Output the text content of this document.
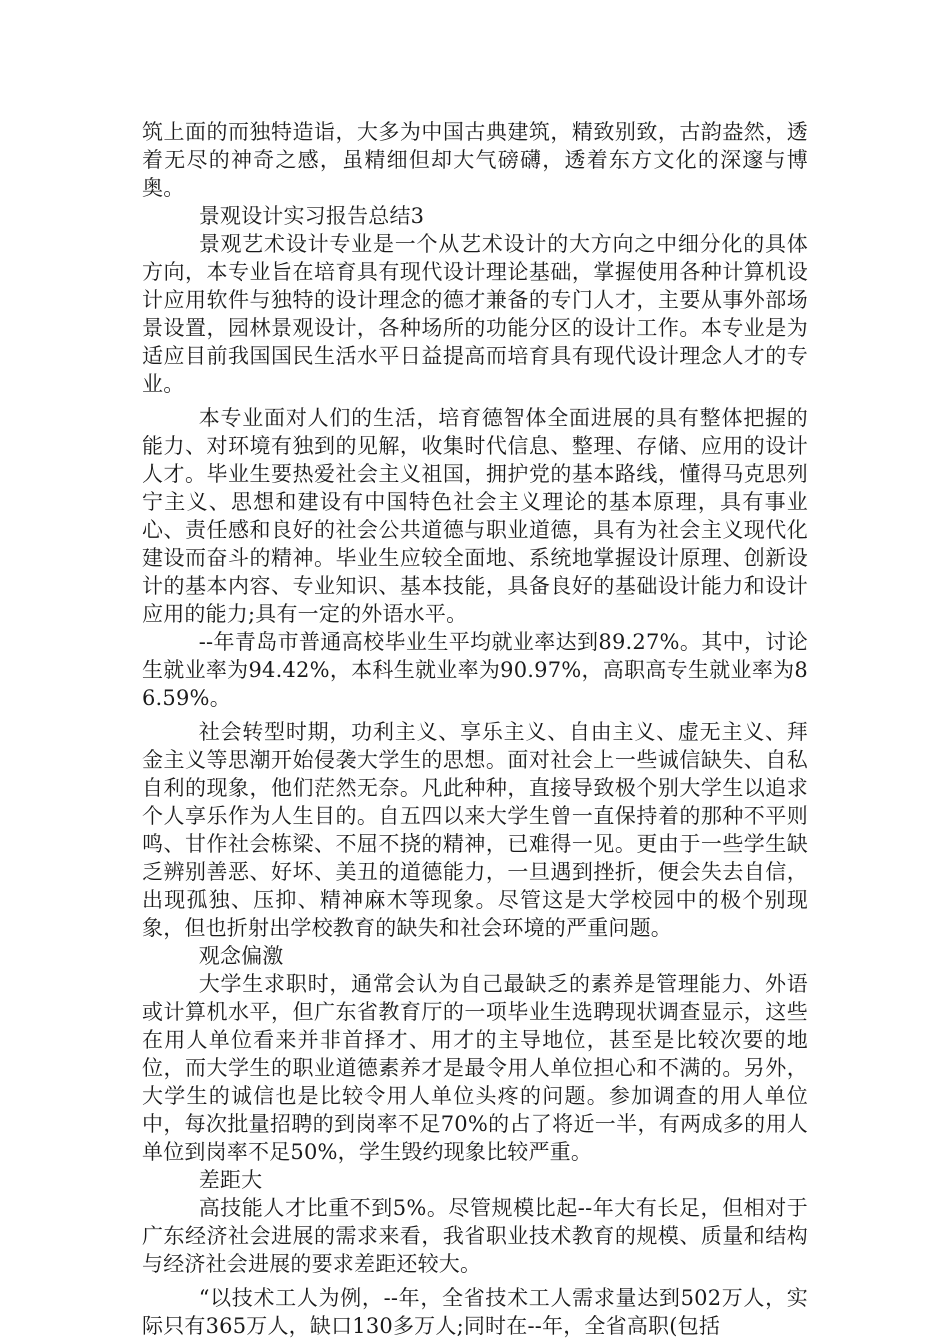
筑上面的而独特造诣，大多为中国古典建筑，精致别致，古韵盎然，透着无尽的神奇之感，虽精细但却大气磅礴，透着东方文化的深邃与博奥。

景观设计实习报告总结3

景观艺术设计专业是一个从艺术设计的大方向之中细分化的具体方向，本专业旨在培育具有现代设计理论基础，掌握使用各种计算机设计应用软件与独特的设计理念的德才兼备的专门人才，主要从事外部场景设置，园林景观设计，各种场所的功能分区的设计工作。本专业是为适应目前我国国民生活水平日益提高而培育具有现代设计理念人才的专业。

本专业面对人们的生活，培育德智体全面进展的具有整体把握的能力、对环境有独到的见解，收集时代信息、整理、存储、应用的设计人才。毕业生要热爱社会主义祖国，拥护党的基本路线，懂得马克思列宁主义、思想和建设有中国特色社会主义理论的基本原理，具有事业心、责任感和良好的社会公共道德与职业道德，具有为社会主义现代化建设而奋斗的精神。毕业生应较全面地、系统地掌握设计原理、创新设计的基本内容、专业知识、基本技能，具备良好的基础设计能力和设计应用的能力;具有一定的外语水平。

--年青岛市普通高校毕业生平均就业率达到89.27%。其中，讨论生就业率为94.42%，本科生就业率为90.97%，高职高专生就业率为86.59%。

社会转型时期，功利主义、享乐主义、自由主义、虚无主义、拜金主义等思潮开始侵袭大学生的思想。面对社会上一些诚信缺失、自私自利的现象，他们茫然无奈。凡此种种，直接导致极个别大学生以追求个人享乐作为人生目的。自五四以来大学生曾一直保持着的那种不平则鸣、甘作社会栋梁、不屈不挠的精神，已难得一见。更由于一些学生缺乏辨别善恶、好坏、美丑的道德能力，一旦遇到挫折，便会失去自信，出现孤独、压抑、精神麻木等现象。尽管这是大学校园中的极个别现象，但也折射出学校教育的缺失和社会环境的严重问题。

观念偏激

大学生求职时，通常会认为自己最缺乏的素养是管理能力、外语或计算机水平，但广东省教育厅的一项毕业生选聘现状调查显示，这些在用人单位看来并非首择才、用才的主导地位，甚至是比较次要的地位，而大学生的职业道德素养才是最令用人单位担心和不满的。另外，大学生的诚信也是比较令用人单位头疼的问题。参加调查的用人单位中，每次批量招聘的到岗率不足70%的占了将近一半，有两成多的用人单位到岗率不足50%，学生毁约现象比较严重。

差距大

高技能人才比重不到5%。尽管规模比起--年大有长足，但相对于广东经济社会进展的需求来看，我省职业技术教育的规模、质量和结构与经济社会进展的要求差距还较大。

“以技术工人为例，--年，全省技术工人需求量达到502万人，实际只有365万人，缺口130多万人;同时在--年，全省高职(包括
